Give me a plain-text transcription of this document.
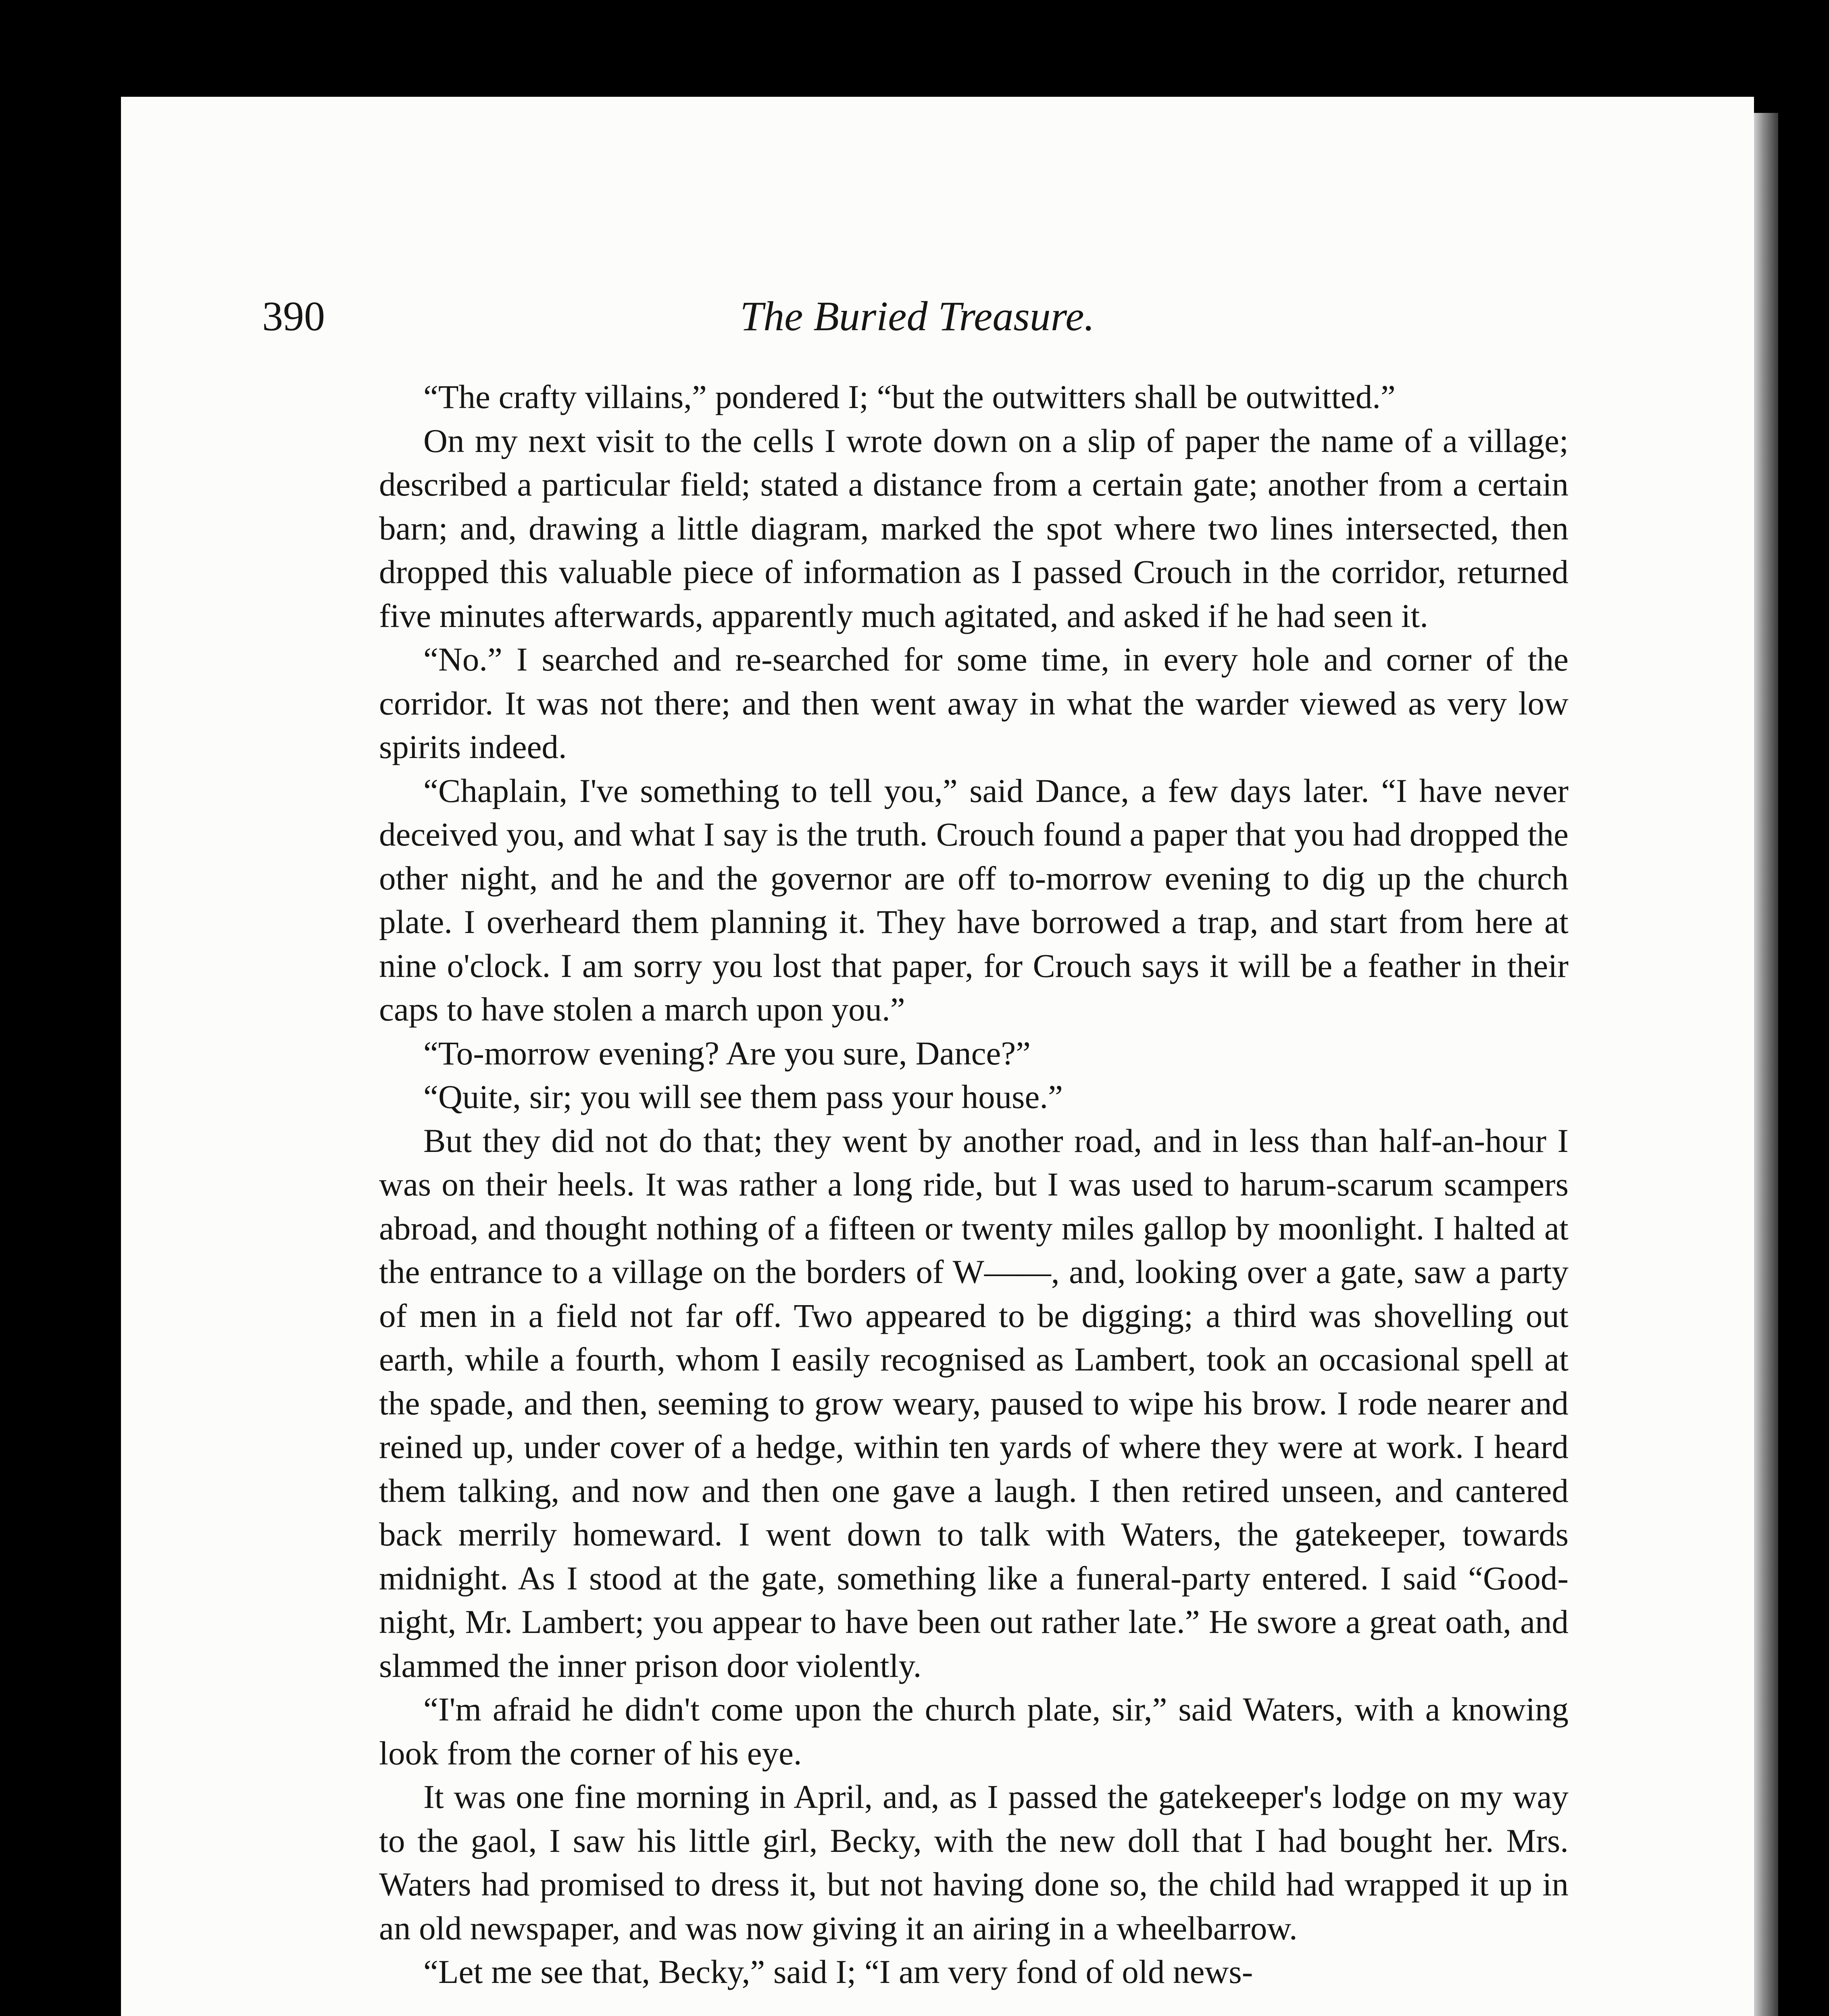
390	The Buried Treasure.

“The crafty villains,” pondered I; “but the outwitters shall be outwitted.”

On my next visit to the cells I wrote down on a slip of paper the name of a village; described a particular field; stated a distance from a certain gate; another from a certain barn; and, drawing a little diagram, marked the spot where two lines intersected, then dropped this valuable piece of information as I passed Crouch in the corridor, returned five minutes afterwards, apparently much agitated, and asked if he had seen it.

“No.” I searched and re-searched for some time, in every hole and corner of the corridor. It was not there; and then went away in what the warder viewed as very low spirits indeed.

“Chaplain, I've something to tell you,” said Dance, a few days later. “I have never deceived you, and what I say is the truth. Crouch found a paper that you had dropped the other night, and he and the governor are off to-morrow evening to dig up the church plate. I overheard them planning it. They have borrowed a trap, and start from here at nine o'clock. I am sorry you lost that paper, for Crouch says it will be a feather in their caps to have stolen a march upon you.”

“To-morrow evening? Are you sure, Dance?”

“Quite, sir; you will see them pass your house.”

But they did not do that; they went by another road, and in less than half-an-hour I was on their heels. It was rather a long ride, but I was used to harum-scarum scampers abroad, and thought nothing of a fifteen or twenty miles gallop by moonlight. I halted at the entrance to a village on the borders of W——, and, looking over a gate, saw a party of men in a field not far off. Two appeared to be digging; a third was shovelling out earth, while a fourth, whom I easily recognised as Lambert, took an occasional spell at the spade, and then, seeming to grow weary, paused to wipe his brow. I rode nearer and reined up, under cover of a hedge, within ten yards of where they were at work. I heard them talking, and now and then one gave a laugh. I then retired unseen, and cantered back merrily homeward. I went down to talk with Waters, the gatekeeper, towards midnight. As I stood at the gate, something like a funeral-party entered. I said “Good-night, Mr. Lambert; you appear to have been out rather late.” He swore a great oath, and slammed the inner prison door violently.

“I'm afraid he didn't come upon the church plate, sir,” said Waters, with a knowing look from the corner of his eye.

It was one fine morning in April, and, as I passed the gatekeeper's lodge on my way to the gaol, I saw his little girl, Becky, with the new doll that I had bought her. Mrs. Waters had promised to dress it, but not having done so, the child had wrapped it up in an old newspaper, and was now giving it an airing in a wheelbarrow.

“Let me see that, Becky,” said I; “I am very fond of old news-
